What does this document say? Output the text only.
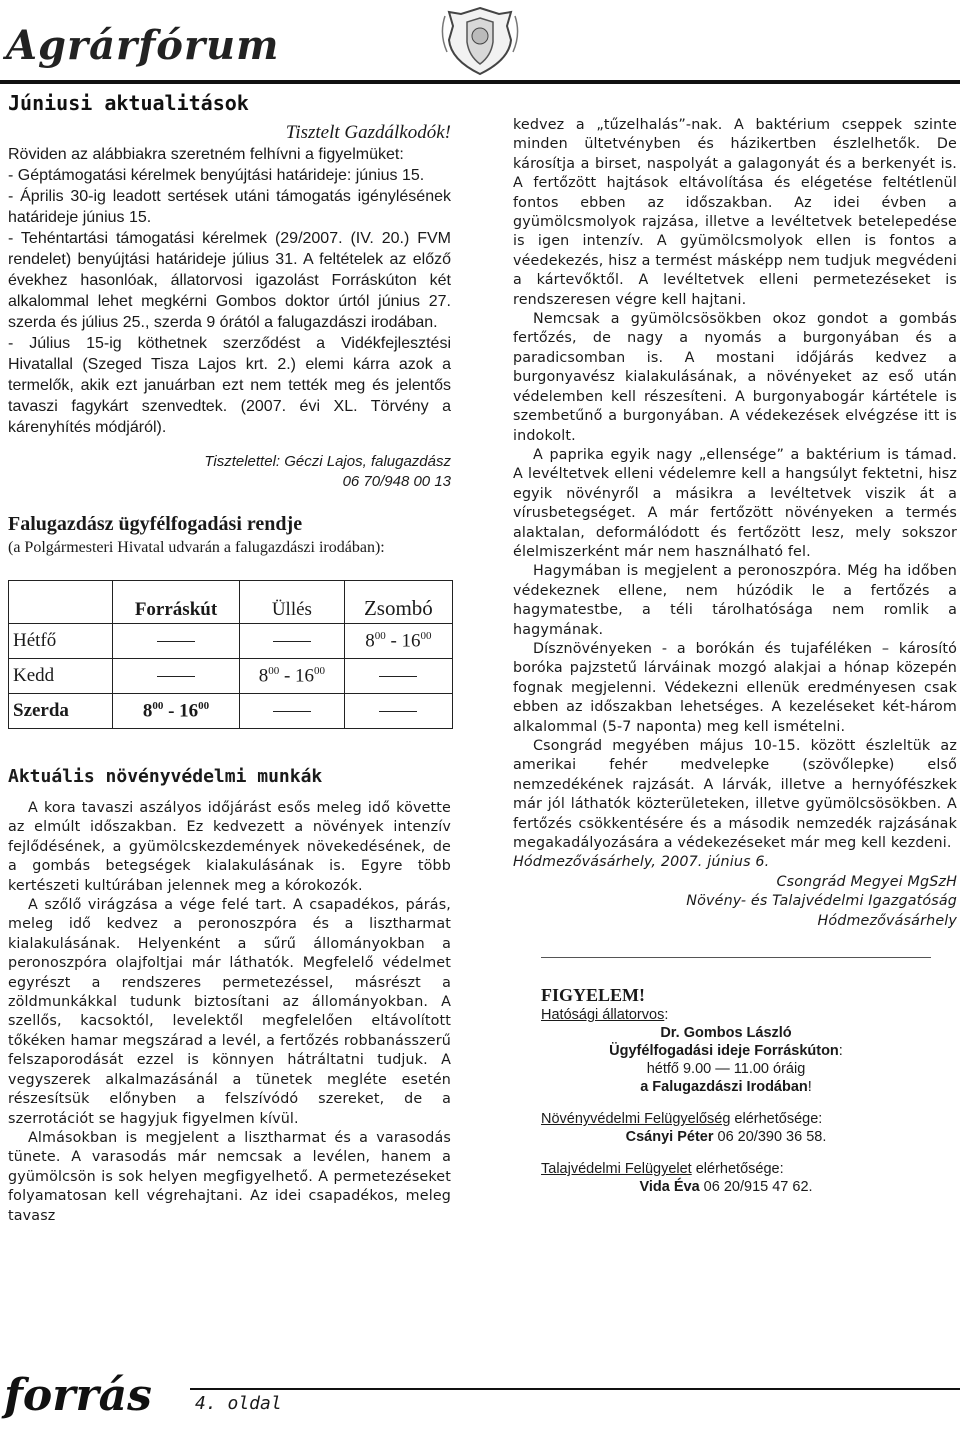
Agrárfórum
Júniusi aktualitások
Tisztelt Gazdálkodók!
Röviden az alábbiakra szeretném felhívni a figyelmüket:
- Géptámogatási kérelmek benyújtási határideje: június 15.
- Április 30-ig leadott sertések utáni támogatás igénylésének határideje június 15.
- Tehéntartási támogatási kérelmek (29/2007. (IV. 20.) FVM rendelet) benyújtási határideje július 31. A feltételek az előző évekhez hasonlóak, állatorvosi igazolást Forráskúton két alkalommal lehet megkérni Gombos doktor úrtól június 27. szerda és július 25., szerda 9 órától a falugazdászi irodában.
- Július 15-ig köthetnek szerződést a Vidékfejlesztési Hivatallal (Szeged Tisza Lajos krt. 2.) elemi kárra azok a termelők, akik ezt januárban ezt nem tették meg és jelentős tavaszi fagykárt szenvedtek. (2007. évi XL. Törvény a kárenyhítés módjáról).
Tisztelettel: Géczi Lajos, falugazdász
06 70/948 00 13
Falugazdász ügyfélfogadási rendje
(a Polgármesteri Hivatal udvarán a falugazdászi irodában):
	Forráskút	Üllés	Zsombó
Hétfő			$8^{00} - 16^{00}$
Kedd		$8^{00} - 16^{00}$	
Szerda	$8^{00} - 16^{00}$		
Aktuális növényvédelmi munkák

A kora tavaszi aszályos időjárást esős meleg idő követte az elmúlt időszakban. Ez kedvezett a növények intenzív fejlődésének, a gyümölcskezdemények növekedésének, de a gombás betegségek kialakulásának is. Egyre több kertészeti kultúrában jelennek meg a kórokozók.

A szőlő virágzása a vége felé tart. A csapadékos, párás, meleg idő kedvez a peronoszpóra és a lisztharmat kialakulásának. Helyenként a sűrű állományokban a peronoszpóra olajfoltjai már láthatók. Megfelelő védelmet egyrészt a rendszeres permetezéssel, másrészt a zöldmunkákkal tudunk biztosítani az állományokban. A szellős, kacsoktól, levelektől megfelelően eltávolított tőkéken hamar megszárad a levél, a fertőzés robbanásszerű felszaporodását ezzel is könnyen hátráltatni tudjuk. A vegyszerek alkalmazásánál a tünetek megléte esetén részesítsük előnyben a felszívódó szereket, de a szerrotációt se hagyjuk figyelmen kívül.

Almásokban is megjelent a lisztharmat és a varasodás tünete. A varasodás már nemcsak a levélen, hanem a gyümölcsön is sok helyen megfigyelhető. A permetezéseket folyamatosan kell végrehajtani. Az idei csapadékos, meleg tavasz

kedvez a „tűzelhalás”-nak. A baktérium cseppek szinte minden ültetvényben és házikertben észlelhetők. De károsítja a birset, naspolyát a galagonyát és a berkenyét is. A fertőzött hajtások eltávolítása és elégetése feltétlenül fontos ebben az időszakban. Az idei évben a gyümölcsmolyok rajzása, illetve a levéltetvek betelepedése is igen intenzív. A gyümölcsmolyok ellen is fontos a véedekezés, hisz a termést másképp nem tudjuk megvédeni a kártevőktől. A levéltetvek elleni permetezéseket is rendszeresen végre kell hajtani.

Nemcsak a gyümölcsösökben okoz gondot a gombás fertőzés, de nagy a nyomás a burgonyában és a paradicsomban is. A mostani időjárás kedvez a burgonyavész kialakulásának, a növényeket az eső után védelemben kell részesíteni. A burgonyabogár kártétele is szembetűnő a burgonyában. A védekezések elvégzése itt is indokolt.

A paprika egyik nagy „ellensége” a baktérium is támad. A levéltetvek elleni védelemre kell a hangsúlyt fektetni, hisz egyik növényről a másikra a levéltetvek viszik át a vírusbetegséget. A már fertőzött növényeken a termés alaktalan, deformálódott és fertőzött lesz, mely sokszor élelmiszerként már nem használható fel.

Hagymában is megjelent a peronoszpóra. Még ha időben védekeznek ellene, nem húzódik le a fertőzés a hagymatestbe, a téli tárolhatósága nem romlik a hagymának.

Dísznövényeken - a borókán és tujaféléken – károsító boróka pajzstetű lárváinak mozgó alakjai a hónap közepén fognak megjelenni. Védekezni ellenük eredményesen csak ebben az időszakban lehetséges. A kezeléseket két-három alkalommal (5-7 naponta) meg kell ismételni.

Csongrád megyében május 10-15. között észleltük az amerikai fehér medvelepke (szövőlepke) első nemzedékének rajzását. A lárvák, illetve a hernyófészkek már jól láthatók közterületeken, illetve gyümölcsösökben. A fertőzés csökkentésére és a második nemzedék rajzásának megakadályozására a védekezéseket már meg kell kezdeni.

Hódmezővásárhely, 2007. június 6.

Csongrád Megyei MgSzH

Növény- és Talajvédelmi Igazgatóság

Hódmezővásárhely

FIGYELEM!
Hatósági állatorvos:
Dr. Gombos László
Ügyfélfogadási ideje Forráskúton:
hétfő 9.00 — 11.00 óráig
a Falugazdászi Irodában!
Növényvédelmi Felügyelőség elérhetősége:
Csányi Péter 06 20/390 36 58.
Talajvédelmi Felügyelet elérhetősége:
Vida Éva 06 20/915 47 62.
forrás 4. oldal
